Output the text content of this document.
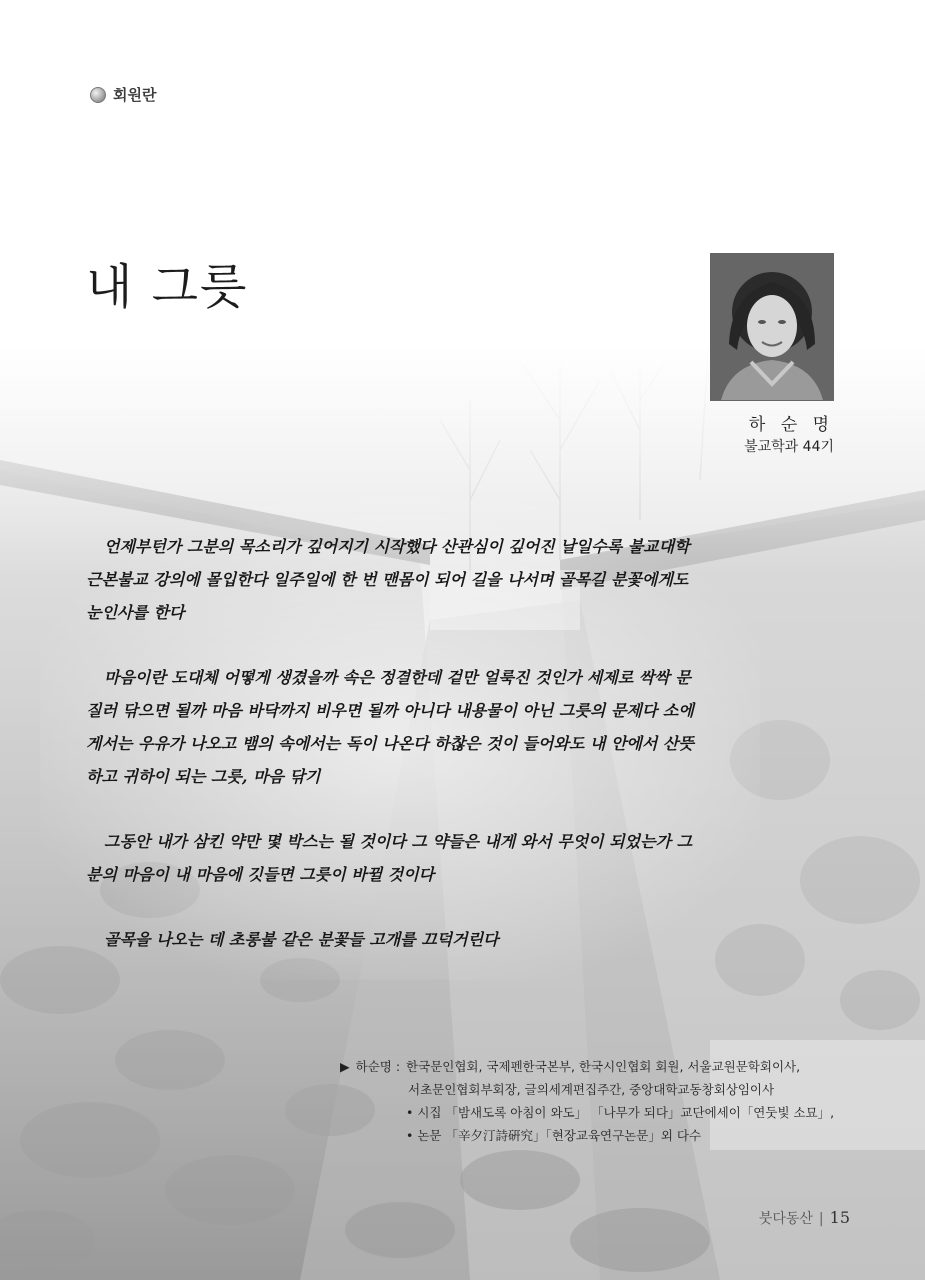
회원란
내 그릇
하 순 명
불교학과 44기

언제부턴가 그분의 목소리가 깊어지기 시작했다 산관심이 깊어진 날일수록 불교대학 근본불교 강의에 몰입한다 일주일에 한 번 맨몸이 되어 길을 나서며 골목길 분꽃에게도 눈인사를 한다

마음이란 도대체 어떻게 생겼을까 속은 정결한데 겉만 얼룩진 것인가 세제로 싹싹 문질러 닦으면 될까 마음 바닥까지 비우면 될까 아니다 내용물이 아닌 그릇의 문제다 소에게서는 우유가 나오고 뱀의 속에서는 독이 나온다 하찮은 것이 들어와도 내 안에서 산뜻하고 귀하이 되는 그릇, 마음 닦기

그동안 내가 삼킨 약만 몇 박스는 될 것이다 그 약들은 내게 와서 무엇이 되었는가 그분의 마음이 내 마음에 깃들면 그릇이 바뀔 것이다

골목을 나오는 데 초롱불 같은 분꽃들 고개를 끄덕거린다

▶ 하순명 : 한국문인협회, 국제펜한국본부, 한국시인협회 회원, 서울교원문학회이사,
서초문인협회부회장, 글의세계편집주간, 중앙대학교동창회상임이사
• 시집 「밤새도록 아침이 와도」 「나무가 되다」교단에세이「연둣빛 소묘」,
• 논문 「辛夕汀詩硏究」「현장교육연구논문」외 다수
붓다동산 | 15
